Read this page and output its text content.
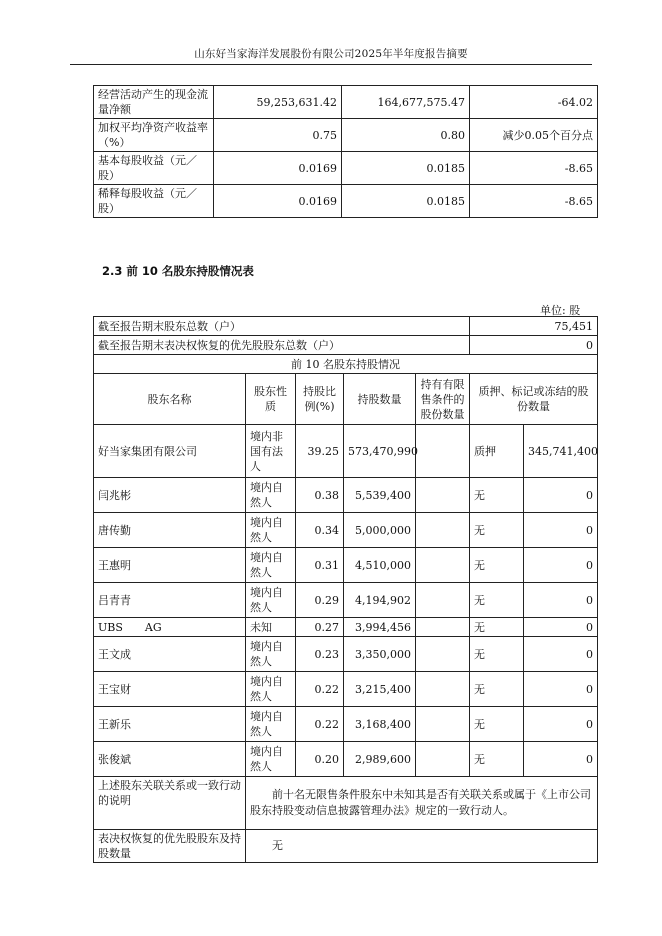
山东好当家海洋发展股份有限公司2025年半年度报告摘要
经营活动产生的现金流量净额	59,253,631.42	164,677,575.47	-64.02
加权平均净资产收益率（%）	0.75	0.80	减少0.05个百分点
基本每股收益（元／股）	0.0169	0.0185	-8.65
稀释每股收益（元／股）	0.0169	0.0185	-8.65
2.3 前 10 名股东持股情况表
单位: 股
截至报告期末股东总数（户）					75,451	
截至报告期末表决权恢复的优先股股东总数（户）					0	
前 10 名股东持股情况						
股东名称	股东性质	持股比例(%)	持股数量	持有有限售条件的股份数量	质押、标记或冻结的股份数量	
好当家集团有限公司	境内非国有法人	39.25	573,470,990		质押	345,741,400
闫兆彬	境内自然人	0.38	5,539,400		无	0
唐传勤	境内自然人	0.34	5,000,000		无	0
王惠明	境内自然人	0.31	4,510,000		无	0
吕青青	境内自然人	0.29	4,194,902		无	0
UBS　　AG	未知	0.27	3,994,456		无	0
王文成	境内自然人	0.23	3,350,000		无	0
王宝财	境内自然人	0.22	3,215,400		无	0
王新乐	境内自然人	0.22	3,168,400		无	0
张俊斌	境内自然人	0.20	2,989,600		无	0
上述股东关联关系或一致行动的说明	前十名无限售条件股东中未知其是否有关联关系或属于《上市公司股东持股变动信息披露管理办法》规定的一致行动人。					
表决权恢复的优先股股东及持股数量	无					
